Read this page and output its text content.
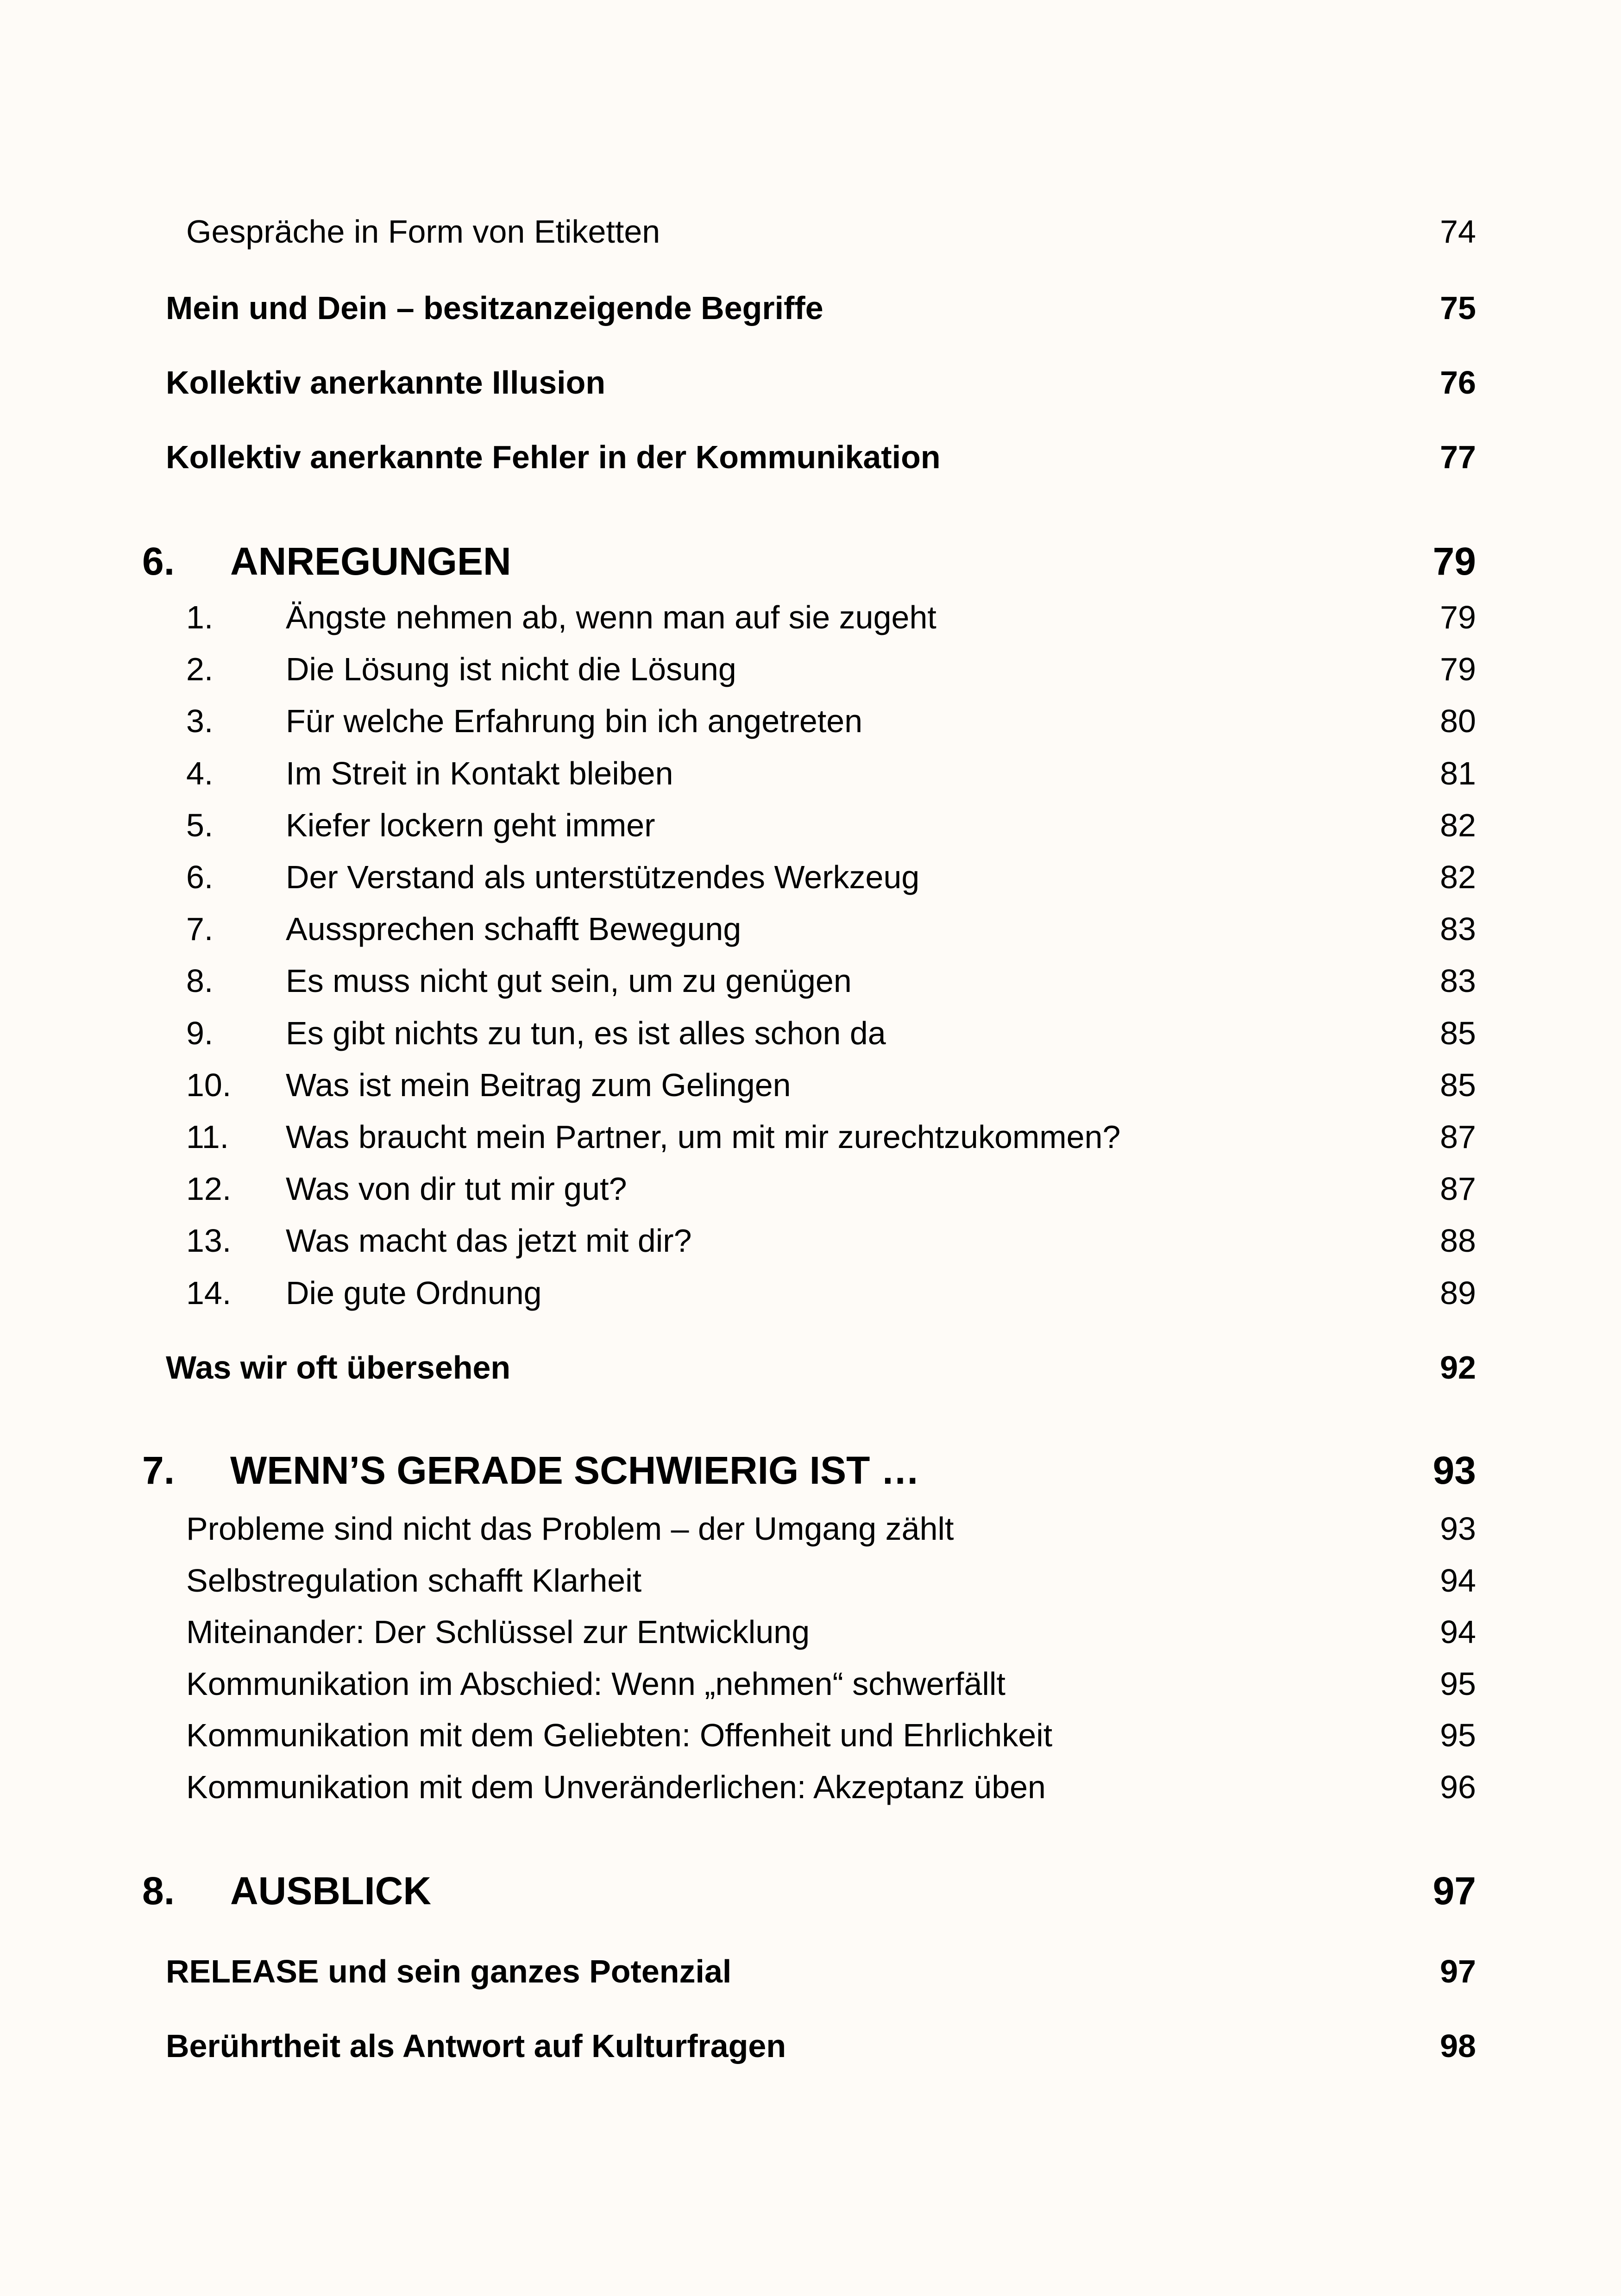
Gespräche in Form von Etiketten	74
Mein und Dein – besitzanzeigende Begriffe	75
Kollektiv anerkannte Illusion	76
Kollektiv anerkannte Fehler in der Kommunikation	77
6. ANREGUNGEN	79
1. Ängste nehmen ab, wenn man auf sie zugeht	79
2. Die Lösung ist nicht die Lösung	79
3. Für welche Erfahrung bin ich angetreten	80
4. Im Streit in Kontakt bleiben	81
5. Kiefer lockern geht immer	82
6. Der Verstand als unterstützendes Werkzeug	82
7. Aussprechen schafft Bewegung	83
8. Es muss nicht gut sein, um zu genügen	83
9. Es gibt nichts zu tun, es ist alles schon da	85
10. Was ist mein Beitrag zum Gelingen	85
11. Was braucht mein Partner, um mit mir zurechtzukommen?	87
12. Was von dir tut mir gut?	87
13. Was macht das jetzt mit dir?	88
14. Die gute Ordnung	89
Was wir oft übersehen	92
7. WENN’S GERADE SCHWIERIG IST …	93
Probleme sind nicht das Problem – der Umgang zählt	93
Selbstregulation schafft Klarheit	94
Miteinander: Der Schlüssel zur Entwicklung	94
Kommunikation im Abschied: Wenn „nehmen“ schwerfällt	95
Kommunikation mit dem Geliebten: Offenheit und Ehrlichkeit	95
Kommunikation mit dem Unveränderlichen: Akzeptanz üben	96
8. AUSBLICK	97
RELEASE und sein ganzes Potenzial	97
Berührtheit als Antwort auf Kulturfragen	98
